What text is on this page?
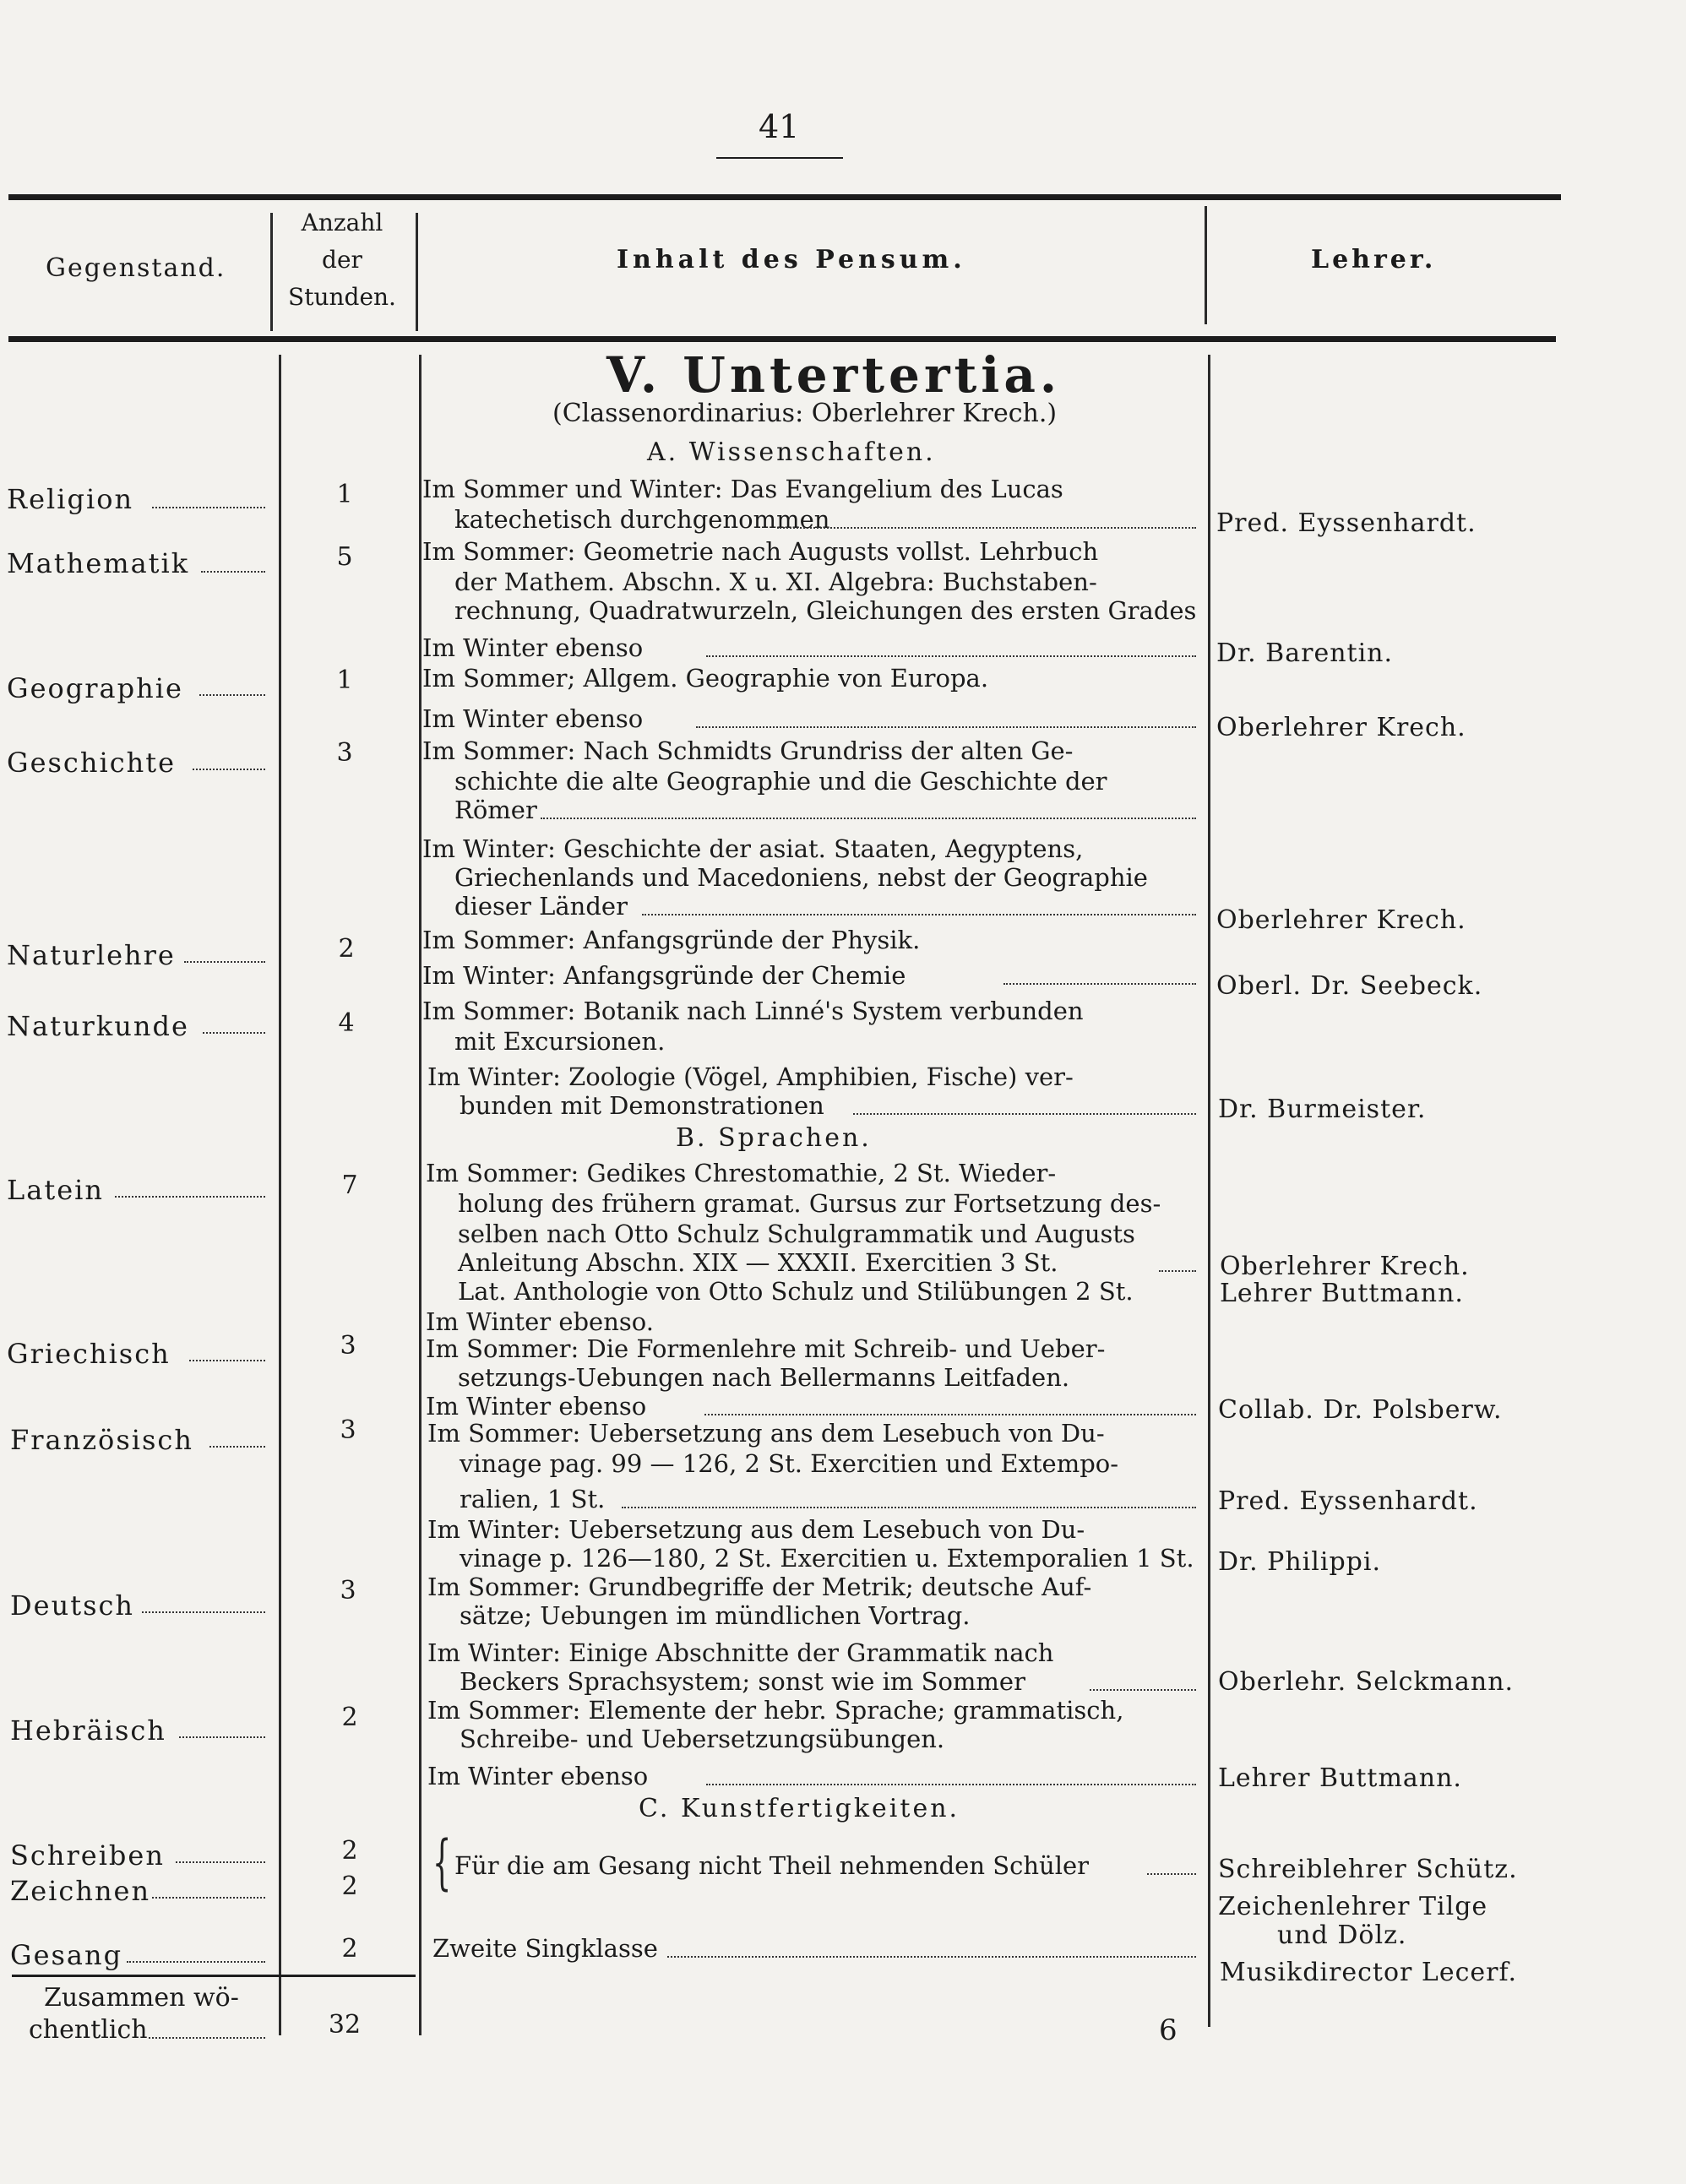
41
Gegenstand.
Anzahl
der
Stunden.
Inhalt des Pensum.	Lehrer.
V. Untertertia.
(Classenordinarius: Oberlehrer Krech.)
A. Wissenschaften.
Religion
Mathematik
Geographie
Geschichte
Naturlehre
Naturkunde
Latein
Griechisch
Französisch
Deutsch
Hebräisch
Schreiben
Zeichnen
Gesang
1
5
1
3
2
4
7
3
3
3
2
2
2
2
Zusammen wö-
chentlich	32
Im Sommer und Winter: Das Evangelium des Lucas
katechetisch durchgenommen
Im Sommer: Geometrie nach Augusts vollst. Lehrbuch
der Mathem. Abschn. X u. XI. Algebra: Buchstaben-
rechnung, Quadratwurzeln, Gleichungen des ersten Grades
Im Winter ebenso
Im Sommer; Allgem. Geographie von Europa.
Im Winter ebenso
Im Sommer: Nach Schmidts Grundriss der alten Ge-
schichte die alte Geographie und die Geschichte der
Römer
Im Winter: Geschichte der asiat. Staaten, Aegyptens,
Griechenlands und Macedoniens, nebst der Geographie
dieser Länder
Im Sommer: Anfangsgründe der Physik.
Im Winter: Anfangsgründe der Chemie
Im Sommer: Botanik nach Linné's System verbunden
mit Excursionen.
Im Winter: Zoologie (Vögel, Amphibien, Fische) ver-
bunden mit Demonstrationen
B. Sprachen.
Im Sommer: Gedikes Chrestomathie, 2 St. Wieder-
holung des frühern gramat. Gursus zur Fortsetzung des-
selben nach Otto Schulz Schulgrammatik und Augusts
Anleitung Abschn. XIX — XXXII. Exercitien 3 St.
Lat. Anthologie von Otto Schulz und Stilübungen 2 St.
Im Winter ebenso.
Im Sommer: Die Formenlehre mit Schreib- und Ueber-
setzungs-Uebungen nach Bellermanns Leitfaden.
Im Winter ebenso
Im Sommer: Uebersetzung ans dem Lesebuch von Du-
vinage pag. 99 — 126, 2 St. Exercitien und Extempo-
ralien, 1 St.
Im Winter: Uebersetzung aus dem Lesebuch von Du-
vinage p. 126—180, 2 St. Exercitien u. Extemporalien 1 St.
Im Sommer: Grundbegriffe der Metrik; deutsche Auf-
sätze; Uebungen im mündlichen Vortrag.
Im Winter: Einige Abschnitte der Grammatik nach
Beckers Sprachsystem; sonst wie im Sommer
Im Sommer: Elemente der hebr. Sprache; grammatisch,
Schreibe- und Uebersetzungsübungen.
Im Winter ebenso
C. Kunstfertigkeiten.
{ Für die am Gesang nicht Theil nehmenden Schüler
Zweite Singklasse
Pred. Eyssenhardt.
Dr. Barentin.
Oberlehrer Krech.
Oberlehrer Krech.
Oberl. Dr. Seebeck.
Dr. Burmeister.
Oberlehrer Krech.
Lehrer Buttmann.
Collab. Dr. Polsberw.
Pred. Eyssenhardt.
Dr. Philippi.
Oberlehr. Selckmann.
Lehrer Buttmann.
Schreiblehrer Schütz.
Zeichenlehrer Tilge
und Dölz.
Musikdirector Lecerf.
6
